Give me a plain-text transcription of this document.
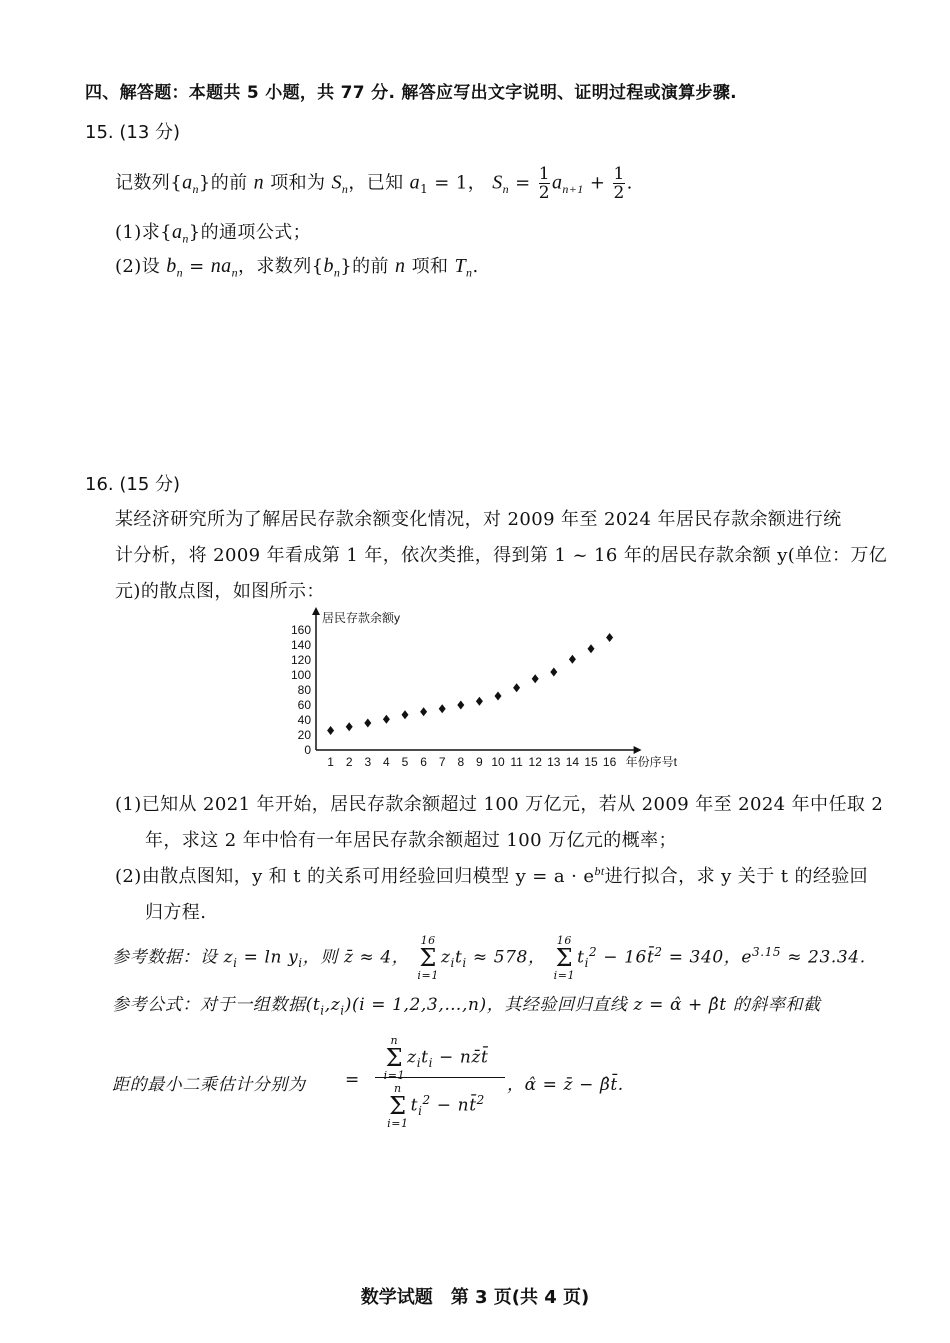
四、解答题：本题共 5 小题，共 77 分. 解答应写出文字说明、证明过程或演算步骤.
15. (13 分)
记数列$\{a_n\}$的前 n 项和为 $S_n$，已知 $a_1 = 1$， $S_n = \frac{1}{2} a_{n+1} + \frac{1}{2}$ .
(1)求$\{a_n\}$的通项公式；
(2)设 $b_n = na_n$，求数列$\{b_n\}$的前 n 项和 $T_n$.
16. (15 分)
某经济研究所为了解居民存款余额变化情况，对 2009 年至 2024 年居民存款余额进行统
计分析，将 2009 年看成第 1 年，依次类推，得到第 1 ~ 16 年的居民存款余额 y(单位：万亿
元)的散点图，如图所示：
0
20
40
60
80
100
120
140
160
1 2 3 4 5 6 7 8 9 10 11 12 13 14 15 16
居民存款余额y
年份序号t
(1)已知从 2021 年开始，居民存款余额超过 100 万亿元，若从 2009 年至 2024 年中任取 2
年，求这 2 年中恰有一年居民存款余额超过 100 万亿元的概率；
(2)由散点图知，y 和 t 的关系可用经验回归模型 $y = a \cdot e^{bt}$进行拟合，求 y 关于 t 的经验回
归方程.
参考数据：设 $z_i = \ln y_i$，则 z̄ ≈ 4， 16
Σ
$i=1z_it_i \approx 578$， 16
Σ
$i=1t_i^2$ − 16t̄$^2$ = 340，$e^{3.15} \approx 23.34$.
参考公式：对于一组数据$(t_i,z_i)(i$ = 1,2,3,…,n)，其经验回归直线 z = α̂ + β̂t 的斜率和截
距的最小二乘估计分别为 =
n
Σ
$i=1z_it_i$ − nz̄t̄
n
Σ
$i=1t_i^2$ − nt̄$^2$
，α̂ = z̄ − β̂t̄.
数学试题　第 3 页(共 4 页)
